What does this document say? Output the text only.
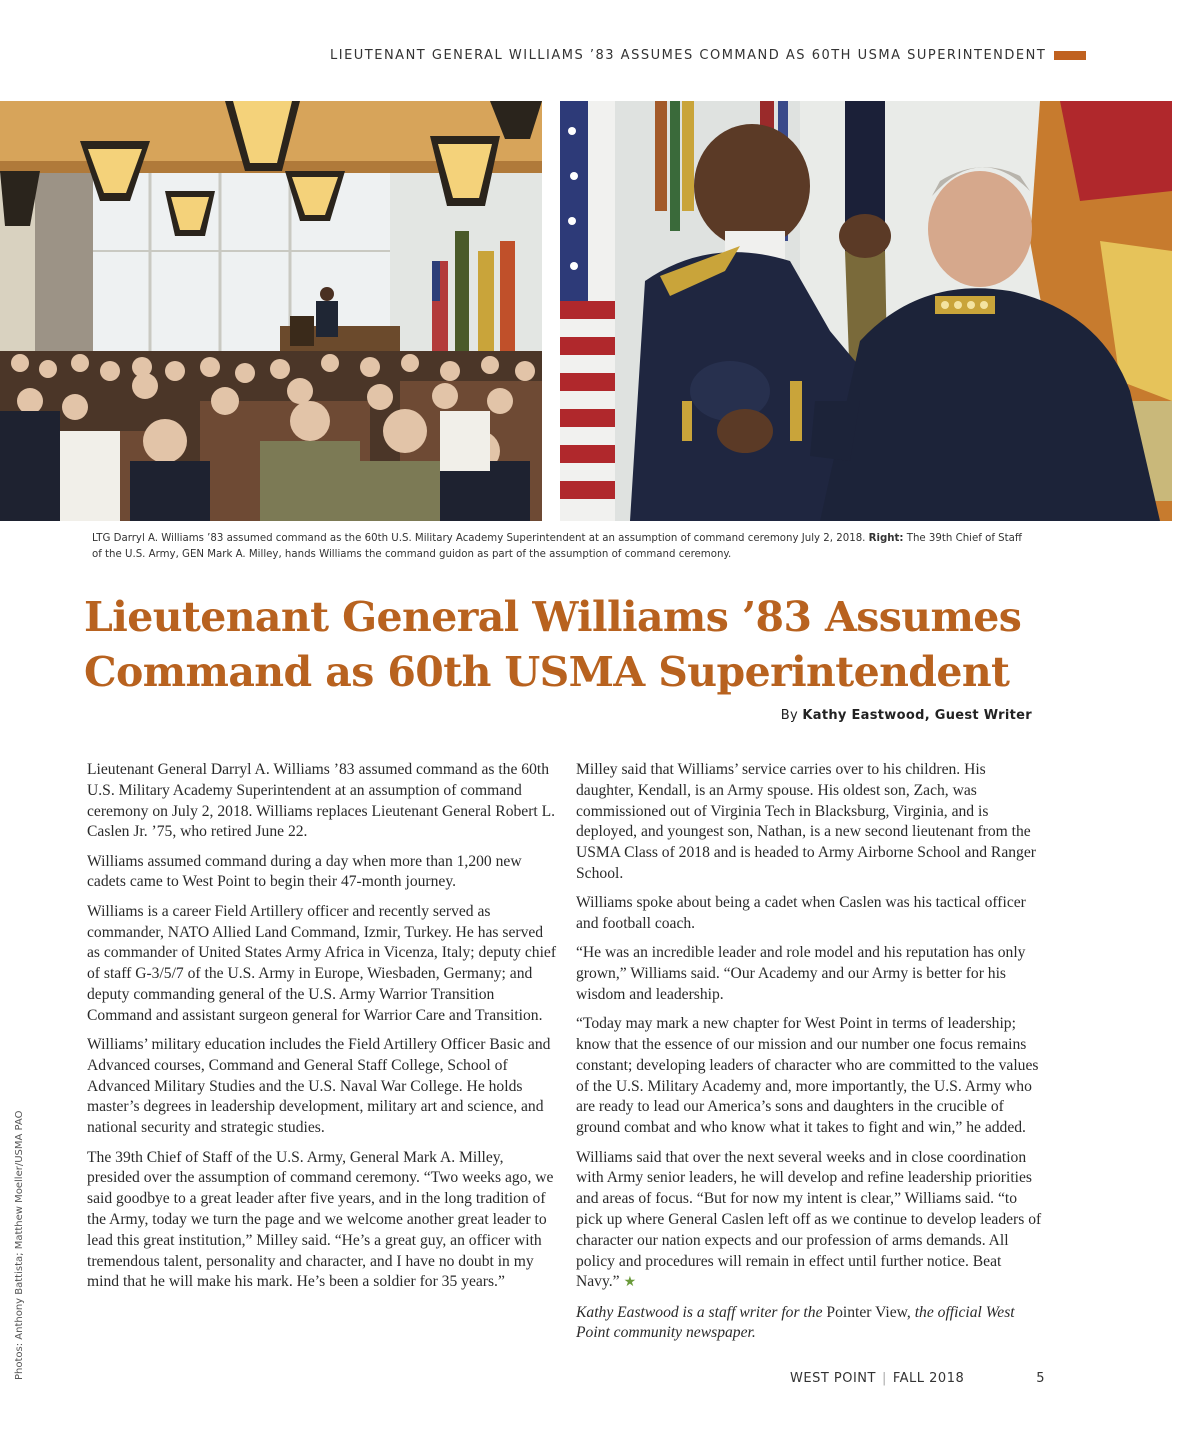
LIEUTENANT GENERAL WILLIAMS ’83 ASSUMES COMMAND AS 60TH USMA SUPERINTENDENT
LTG Darryl A. Williams ’83 assumed command as the 60th U.S. Military Academy Superintendent at an assumption of command ceremony July 2, 2018. Right: The 39th Chief of Staff of the U.S. Army, GEN Mark A. Milley, hands Williams the command guidon as part of the assumption of command ceremony.
Lieutenant General Williams ’83 Assumes Command as 60th USMA Superintendent
By Kathy Eastwood, Guest Writer

Lieutenant General Darryl A. Williams ’83 assumed command as the 60th U.S. Military Academy Superintendent at an assumption of command ceremony on July 2, 2018. Williams replaces Lieutenant General Robert L. Caslen Jr. ’75, who retired June 22.

Williams assumed command during a day when more than 1,200 new cadets came to West Point to begin their 47-month journey.

Williams is a career Field Artillery officer and recently served as commander, NATO Allied Land Command, Izmir, Turkey. He has served as commander of United States Army Africa in Vicenza, Italy; deputy chief of staff G-3/5/7 of the U.S. Army in Europe, Wiesbaden, Germany; and deputy commanding general of the U.S. Army Warrior Transition Command and assistant surgeon general for Warrior Care and Transition.

Williams’ military education includes the Field Artillery Officer Basic and Advanced courses, Command and General Staff College, School of Advanced Military Studies and the U.S. Naval War College. He holds master’s degrees in leadership development, military art and science, and national security and strategic studies.

The 39th Chief of Staff of the U.S. Army, General Mark A. Milley, presided over the assumption of command ceremony. “Two weeks ago, we said goodbye to a great leader after five years, and in the long tradition of the Army, today we turn the page and we welcome another great leader to lead this great institution,” Milley said. “He’s a great guy, an officer with tremendous talent, personality and character, and I have no doubt in my mind that he will make his mark. He’s been a soldier for 35 years.”

Milley said that Williams’ service carries over to his children. His daughter, Kendall, is an Army spouse. His oldest son, Zach, was commissioned out of Virginia Tech in Blacksburg, Virginia, and is deployed, and youngest son, Nathan, is a new second lieutenant from the USMA Class of 2018 and is headed to Army Airborne School and Ranger School.

Williams spoke about being a cadet when Caslen was his tactical officer and football coach.

“He was an incredible leader and role model and his reputation has only grown,” Williams said. “Our Academy and our Army is better for his wisdom and leadership.

“Today may mark a new chapter for West Point in terms of leadership; know that the essence of our mission and our number one focus remains constant; developing leaders of character who are committed to the values of the U.S. Military Academy and, more importantly, the U.S. Army who are ready to lead our America’s sons and daughters in the crucible of ground combat and who know what it takes to fight and win,” he added.

Williams said that over the next several weeks and in close coordination with Army senior leaders, he will develop and refine leadership priorities and areas of focus. “But for now my intent is clear,” Williams said. “to pick up where General Caslen left off as we continue to develop leaders of character our nation expects and our profession of arms demands. All policy and procedures will remain in effect until further notice. Beat Navy.” ★

Kathy Eastwood is a staff writer for the Pointer View, the official West Point community newspaper.

Photos: Anthony Battista; Matthew Moeller/USMA PAO	WEST POINT | FALL 2018	5
